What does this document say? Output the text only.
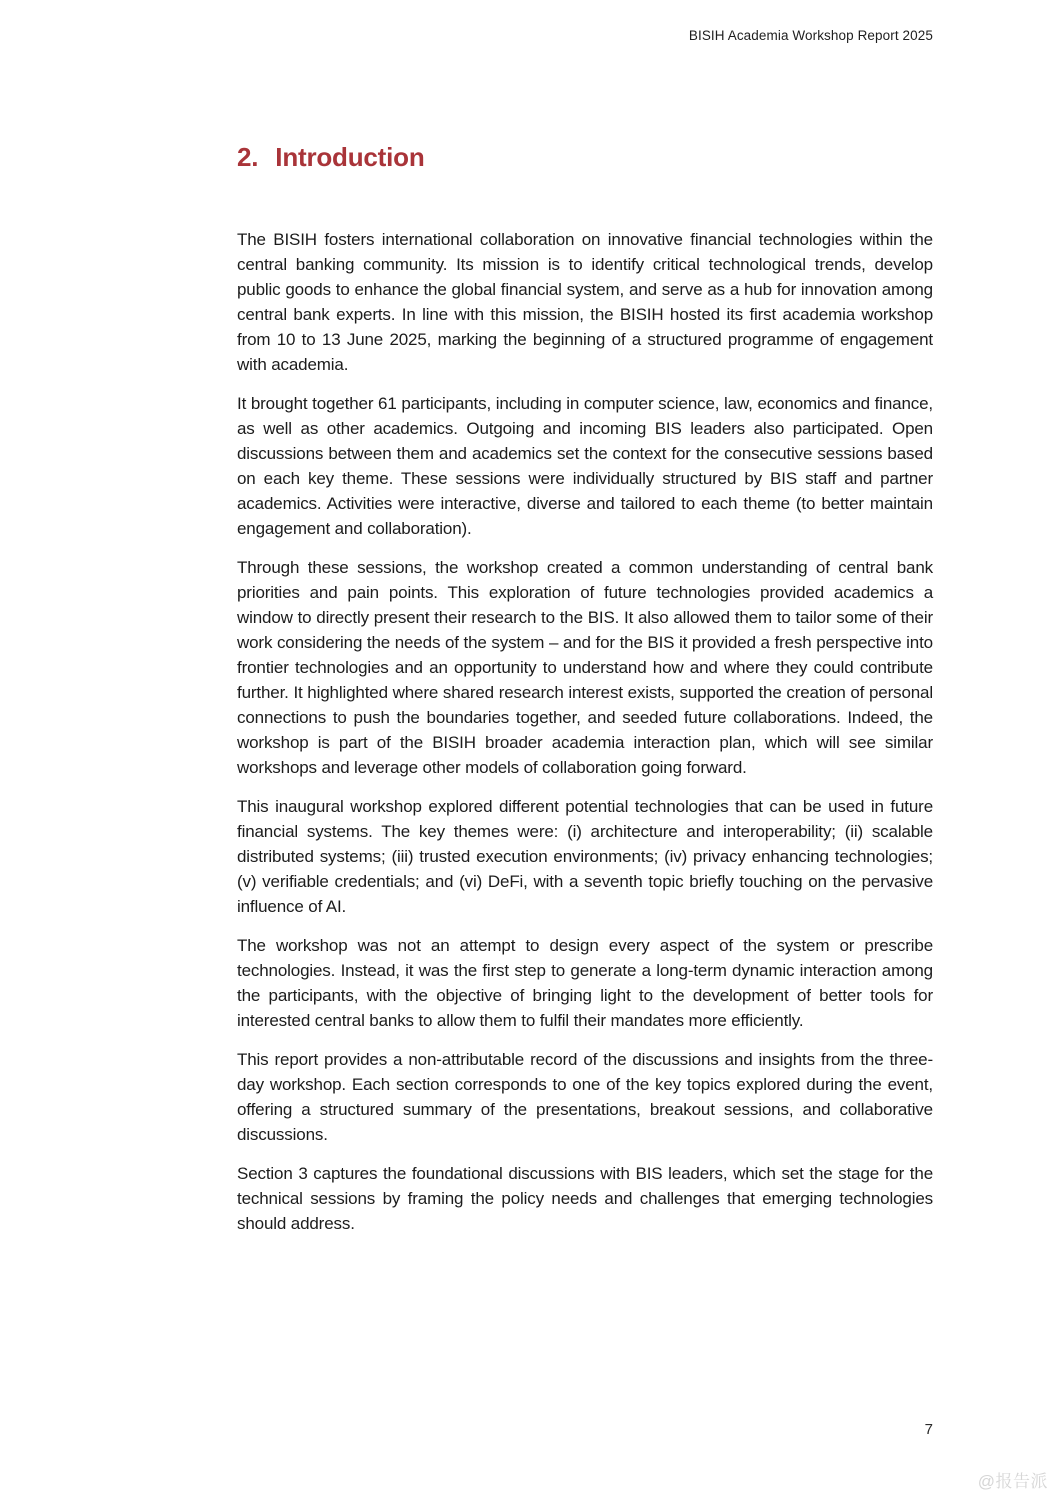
BISIH Academia Workshop Report 2025
2. Introduction

The BISIH fosters international collaboration on innovative financial technologies within the central banking community. Its mission is to identify critical technological trends, develop public goods to enhance the global financial system, and serve as a hub for innovation among central bank experts. In line with this mission, the BISIH hosted its first academia workshop from 10 to 13 June 2025, marking the beginning of a structured programme of engagement with academia.

It brought together 61 participants, including in computer science, law, economics and finance, as well as other academics. Outgoing and incoming BIS leaders also participated. Open discussions between them and academics set the context for the consecutive sessions based on each key theme. These sessions were individually structured by BIS staff and partner academics. Activities were interactive, diverse and tailored to each theme (to better maintain engagement and collaboration).

Through these sessions, the workshop created a common understanding of central bank priorities and pain points. This exploration of future technologies provided academics a window to directly present their research to the BIS. It also allowed them to tailor some of their work considering the needs of the system – and for the BIS it provided a fresh perspective into frontier technologies and an opportunity to understand how and where they could contribute further. It highlighted where shared research interest exists, supported the creation of personal connections to push the boundaries together, and seeded future collaborations. Indeed, the workshop is part of the BISIH broader academia interaction plan, which will see similar workshops and leverage other models of collaboration going forward.

This inaugural workshop explored different potential technologies that can be used in future financial systems. The key themes were: (i) architecture and interoperability; (ii) scalable distributed systems; (iii) trusted execution environments; (iv) privacy enhancing technologies; (v) verifiable credentials; and (vi) DeFi, with a seventh topic briefly touching on the pervasive influence of AI.

The workshop was not an attempt to design every aspect of the system or prescribe technologies. Instead, it was the first step to generate a long-term dynamic interaction among the participants, with the objective of bringing light to the development of better tools for interested central banks to allow them to fulfil their mandates more efficiently.

This report provides a non-attributable record of the discussions and insights from the three-day workshop. Each section corresponds to one of the key topics explored during the event, offering a structured summary of the presentations, breakout sessions, and collaborative discussions.

Section 3 captures the foundational discussions with BIS leaders, which set the stage for the technical sessions by framing the policy needs and challenges that emerging technologies should address.

7
@报告派
